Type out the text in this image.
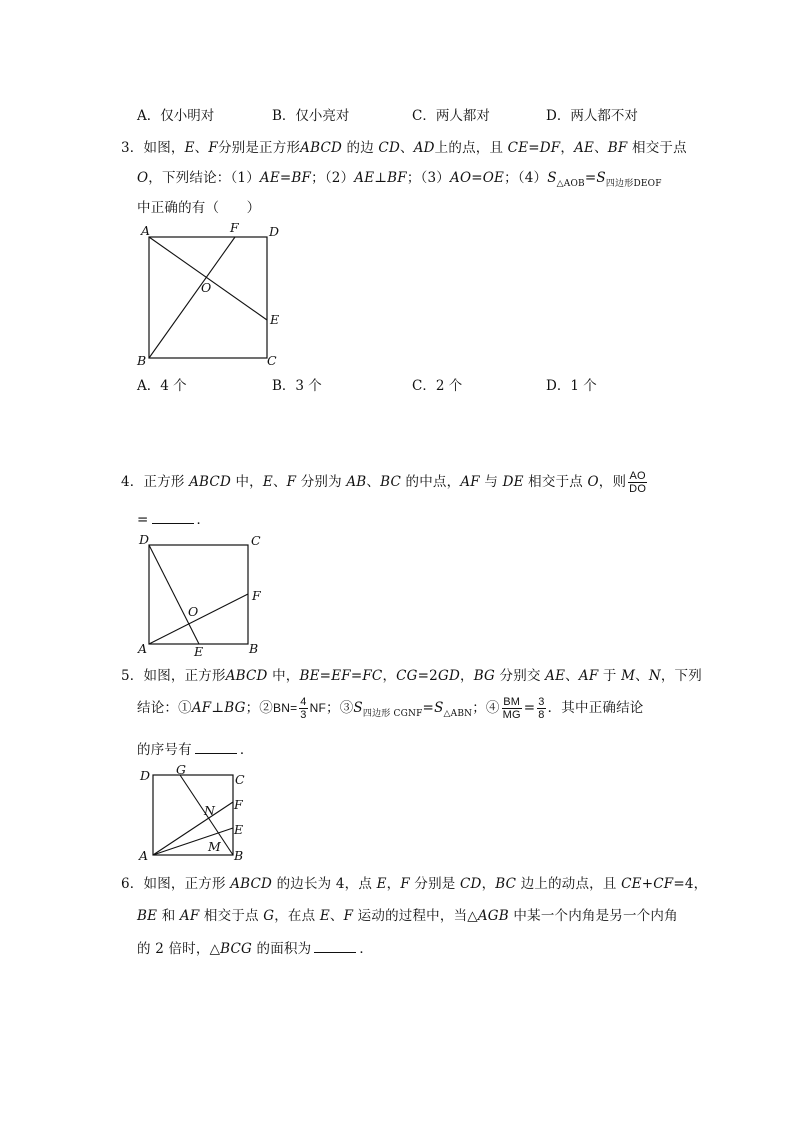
A．仅小明对	B．仅小亮对	C．两人都对	D．两人都不对
3．如图，E、F分别是正方形ABCD 的边 CD、AD上的点，且 CE=DF，AE、BF 相交于点
O，下列结论：（1）AE=BF；（2）AE⊥BF；（3）AO=OE；$(4)S_{\triangle AOB}=S_{四边形DEOF}$
中正确的有（　　）
A	F D
O
E
B	C
A．4 个	B．3 个	C．2 个	D．1 个
4．正方形 ABCD 中，E、F 分别为 AB、BC 的中点，AF 与 DE 相交于点 O，则 $\frac{AO}{DO}$
=	．
D	C
F
O
A	E	B
5．如图，正方形ABCD 中，BE=EF=FC，CG=2GD，BG 分别交 AE、AF 于 M、N，下列
结论：①AF⊥BG；②BN= $\frac{4}{3}$ NF；$③S_{四边形 CGNF}=S_{\triangle ABN}$；④ $\frac{BM}{MG} = \frac{3}{8}$ ．其中正确结论
的序号有	．
D G
C
F
N
E
M
A	B
6．如图，正方形 ABCD 的边长为 4，点 E，F 分别是 CD，BC 边上的动点，且 CE+CF=4，
BE 和 AF 相交于点 G，在点 E、F 运动的过程中，当△AGB 中某一个内角是另一个内角
的 2 倍时，△BCG 的面积为	．
